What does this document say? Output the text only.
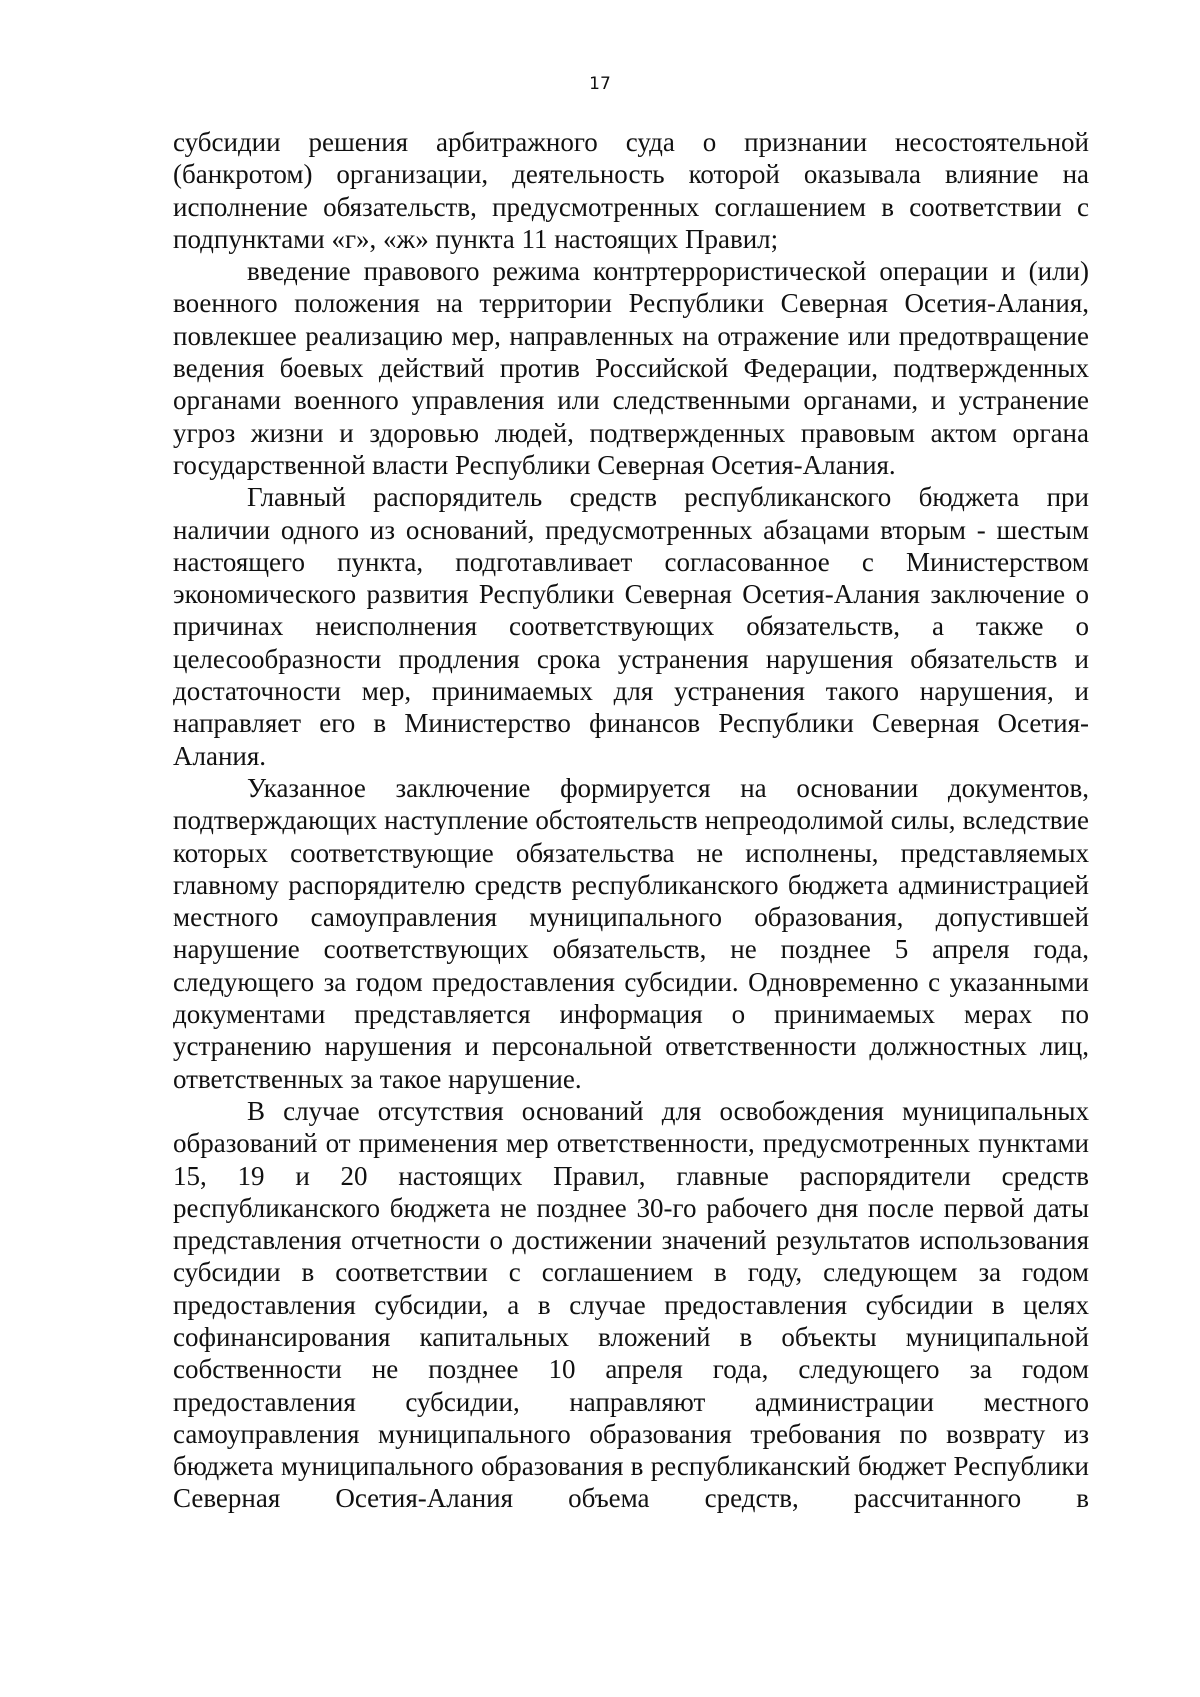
17

субсидии решения арбитражного суда о признании несостоятельной (банкротом) организации, деятельность которой оказывала влияние на исполнение обязательств, предусмотренных соглашением в соответствии с подпунктами «г», «ж» пункта 11 настоящих Правил;

введение правового режима контртеррористической операции и (или) военного положения на территории Республики Северная Осетия-Алания, повлекшее реализацию мер, направленных на отражение или предотвращение ведения боевых действий против Российской Федерации, подтвержденных органами военного управления или следственными органами, и устранение угроз жизни и здоровью людей, подтвержденных правовым актом органа государственной власти Республики Северная Осетия-Алания.

Главный распорядитель средств республиканского бюджета при наличии одного из оснований, предусмотренных абзацами вторым - шестым настоящего пункта, подготавливает согласованное с Министерством экономического развития Республики Северная Осетия-Алания заключение о причинах неисполнения соответствующих обязательств, а также о целесообразности продления срока устранения нарушения обязательств и достаточности мер, принимаемых для устранения такого нарушения, и направляет его в Министерство финансов Республики Северная Осетия-Алания.

Указанное заключение формируется на основании документов, подтверждающих наступление обстоятельств непреодолимой силы, вследствие которых соответствующие обязательства не исполнены, представляемых главному распорядителю средств республиканского бюджета администрацией местного самоуправления муниципального образования, допустившей нарушение соответствующих обязательств, не позднее 5 апреля года, следующего за годом предоставления субсидии. Одновременно с указанными документами представляется информация о принимаемых мерах по устранению нарушения и персональной ответственности должностных лиц, ответственных за такое нарушение.

В случае отсутствия оснований для освобождения муниципальных образований от применения мер ответственности, предусмотренных пунктами 15, 19 и 20 настоящих Правил, главные распорядители средств республиканского бюджета не позднее 30-го рабочего дня после первой даты представления отчетности о достижении значений результатов использования субсидии в соответствии с соглашением в году, следующем за годом предоставления субсидии, а в случае предоставления субсидии в целях софинансирования капитальных вложений в объекты муниципальной собственности не позднее 10 апреля года, следующего за годом предоставления субсидии, направляют администрации местного самоуправления муниципального образования требования по возврату из бюджета муниципального образования в республиканский бюджет Республики Северная Осетия-Алания объема средств, рассчитанного в
